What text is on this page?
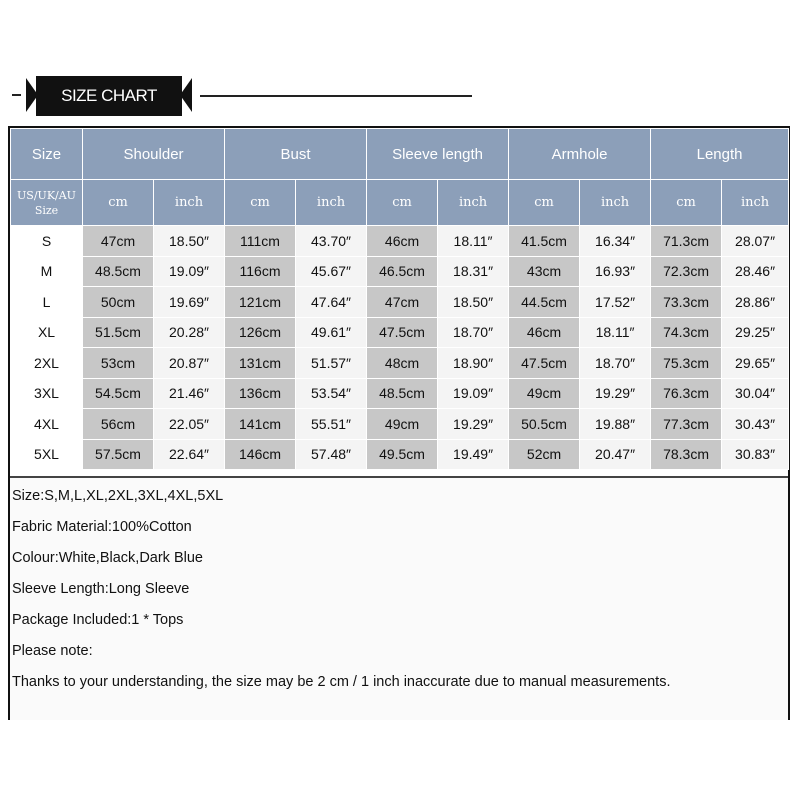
SIZE CHART
Size	Shoulder		Bust		Sleeve length		Armhole		Length	
US/UK/AU
Size	cm	inch	cm	inch	cm	inch	cm	inch	cm	inch
S	47cm	18.50″	111cm	43.70″	46cm	18.11″	41.5cm	16.34″	71.3cm	28.07″
M	48.5cm	19.09″	116cm	45.67″	46.5cm	18.31″	43cm	16.93″	72.3cm	28.46″
L	50cm	19.69″	121cm	47.64″	47cm	18.50″	44.5cm	17.52″	73.3cm	28.86″
XL	51.5cm	20.28″	126cm	49.61″	47.5cm	18.70″	46cm	18.11″	74.3cm	29.25″
2XL	53cm	20.87″	131cm	51.57″	48cm	18.90″	47.5cm	18.70″	75.3cm	29.65″
3XL	54.5cm	21.46″	136cm	53.54″	48.5cm	19.09″	49cm	19.29″	76.3cm	30.04″
4XL	56cm	22.05″	141cm	55.51″	49cm	19.29″	50.5cm	19.88″	77.3cm	30.43″
5XL	57.5cm	22.64″	146cm	57.48″	49.5cm	19.49″	52cm	20.47″	78.3cm	30.83″
Size:S,M,L,XL,2XL,3XL,4XL,5XL
Fabric Material:100%Cotton
Colour:White,Black,Dark Blue
Sleeve Length:Long Sleeve
Package Included:1 * Tops
Please note:
Thanks to your understanding, the size may be 2 cm / 1 inch inaccurate due to manual measurements.
